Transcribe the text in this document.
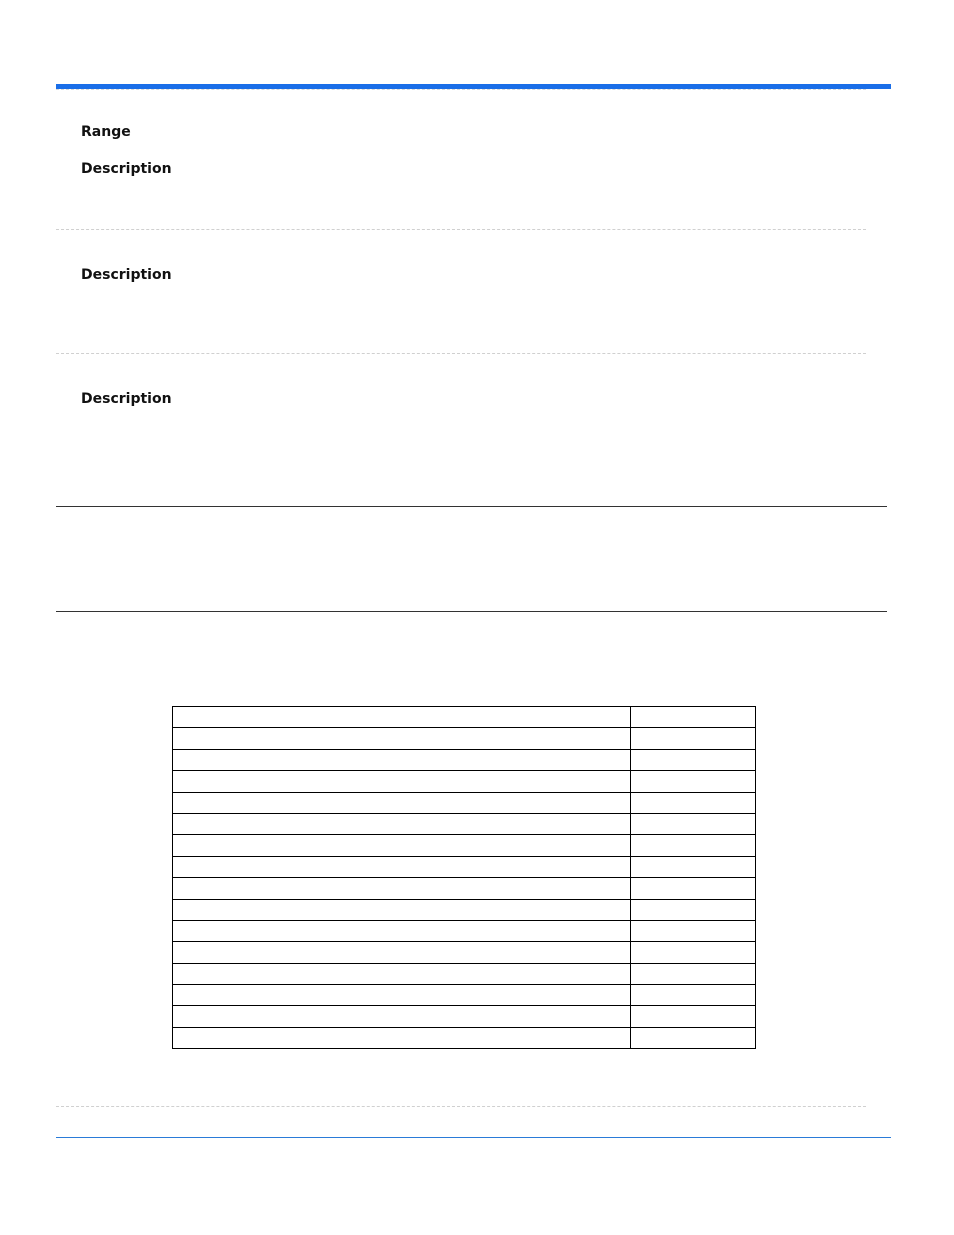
Range
Description
Description
Description
